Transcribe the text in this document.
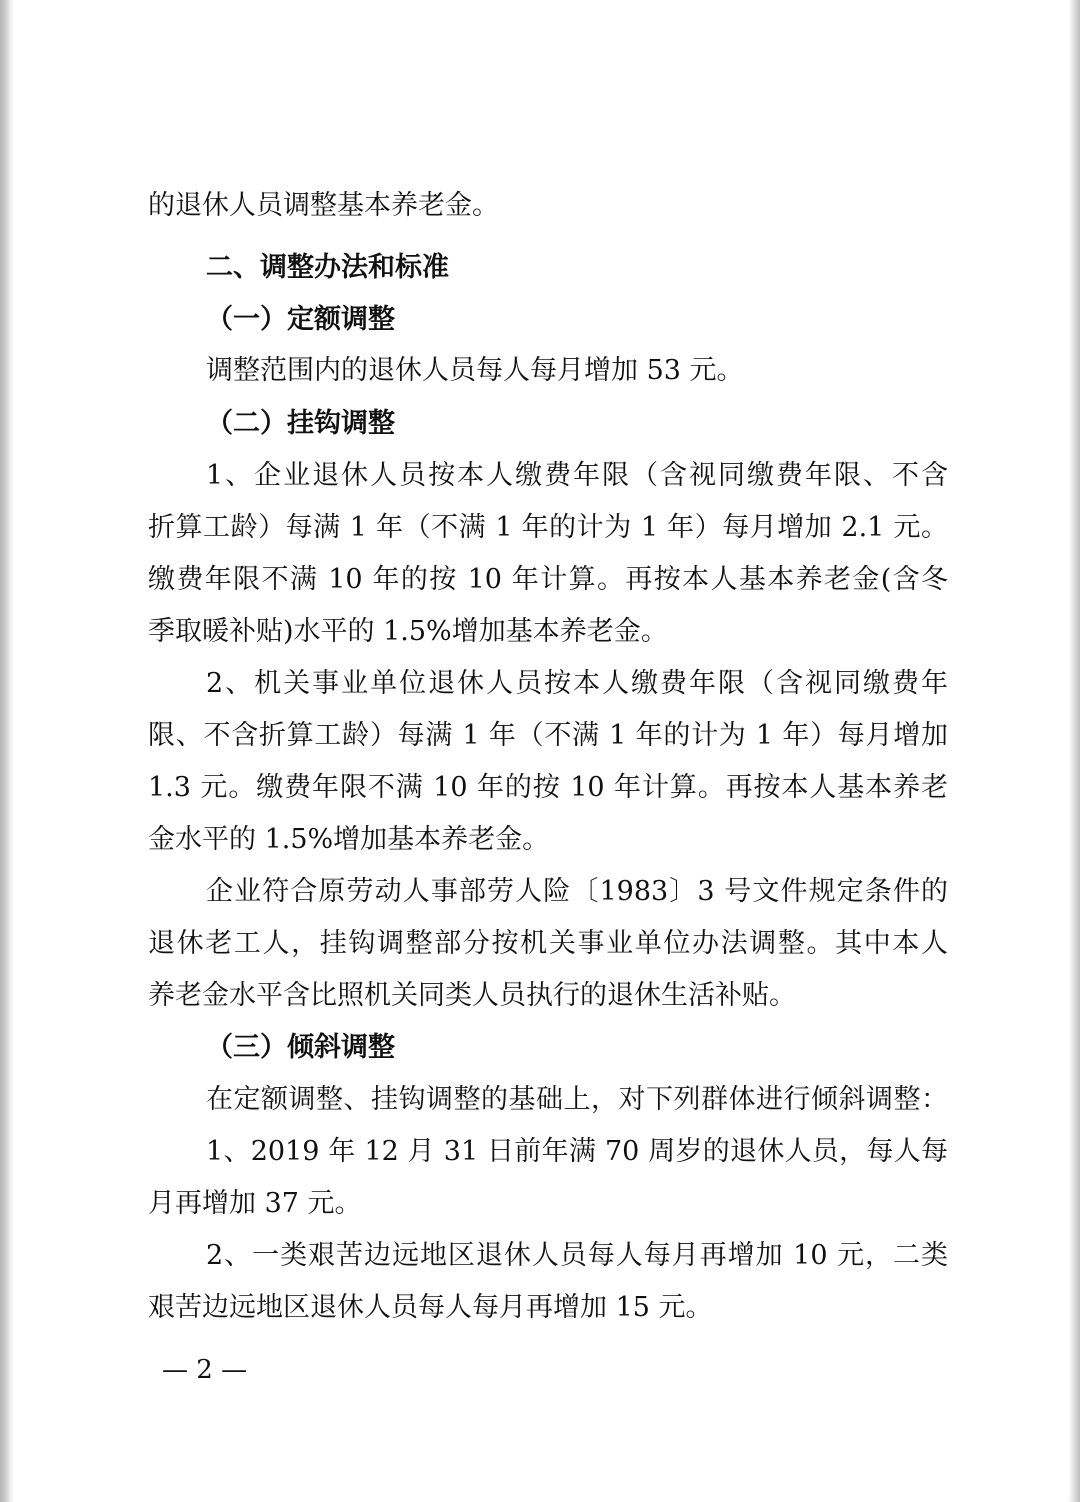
的退休人员调整基本养老金。
二、调整办法和标准
（一）定额调整
调整范围内的退休人员每人每月增加 53 元。
（二）挂钩调整
1、企业退休人员按本人缴费年限（含视同缴费年限、不含
折算工龄）每满 1 年（不满 1 年的计为 1 年）每月增加 2.1 元。
缴费年限不满 10 年的按 10 年计算。再按本人基本养老金(含冬
季取暖补贴)水平的 1.5%增加基本养老金。
2、机关事业单位退休人员按本人缴费年限（含视同缴费年
限、不含折算工龄）每满 1 年（不满 1 年的计为 1 年）每月增加
1.3 元。缴费年限不满 10 年的按 10 年计算。再按本人基本养老
金水平的 1.5%增加基本养老金。
企业符合原劳动人事部劳人险〔1983〕3 号文件规定条件的
退休老工人，挂钩调整部分按机关事业单位办法调整。其中本人
养老金水平含比照机关同类人员执行的退休生活补贴。
（三）倾斜调整
在定额调整、挂钩调整的基础上，对下列群体进行倾斜调整：
1、2019 年 12 月 31 日前年满 70 周岁的退休人员，每人每
月再增加 37 元。
2、一类艰苦边远地区退休人员每人每月再增加 10 元，二类
艰苦边远地区退休人员每人每月再增加 15 元。
— 2 —
